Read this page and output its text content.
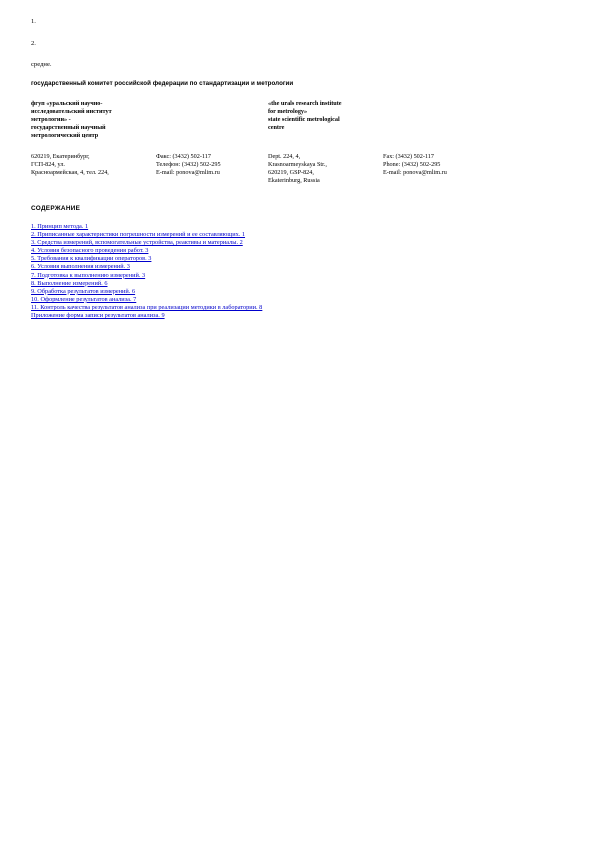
1.
2.
средне.
государственный комитет российской федерации по стандартизации и метрологии
фгуп «уральский научно-
исследовательский институт
метрологии» -
государственный научный
метрологический центр
«the urals research institute
for metrology»
state scientific metrological
centre
620219, Екатеринбург,
ГСП-824, ул.
Красноармейская, 4, тел. 224,
Факс: (3432) 502-117
Телефон: (3432) 502-295
E-mail: ponova@mlim.ru
Dept. 224, 4,
Krasnoarmeyskaya Str.,
620219, GSP-824,
Ekaterinburg, Russia
Fax: (3432) 502-117
Phone: (3432) 502-295
E-mail: ponova@mlim.ru
СОДЕРЖАНИЕ
1. Принцип метода. 1
2. Приписанные характеристики погрешности измерений и ее составляющих. 1
3. Средства измерений, вспомогательные устройства, реактивы и материалы. 2
4. Условия безопасного проведения работ. 3
5. Требования к квалификации операторов. 3
6. Условия выполнения измерений. 3
7. Подготовка к выполнению измерений. 3
8. Выполнение измерений. 6
9. Обработка результатов измерений. 6
10. Оформление результатов анализа. 7
11. Контроль качества результатов анализа при реализации методики в лаборатории. 8
Приложение форма записи результатов анализа. 9
